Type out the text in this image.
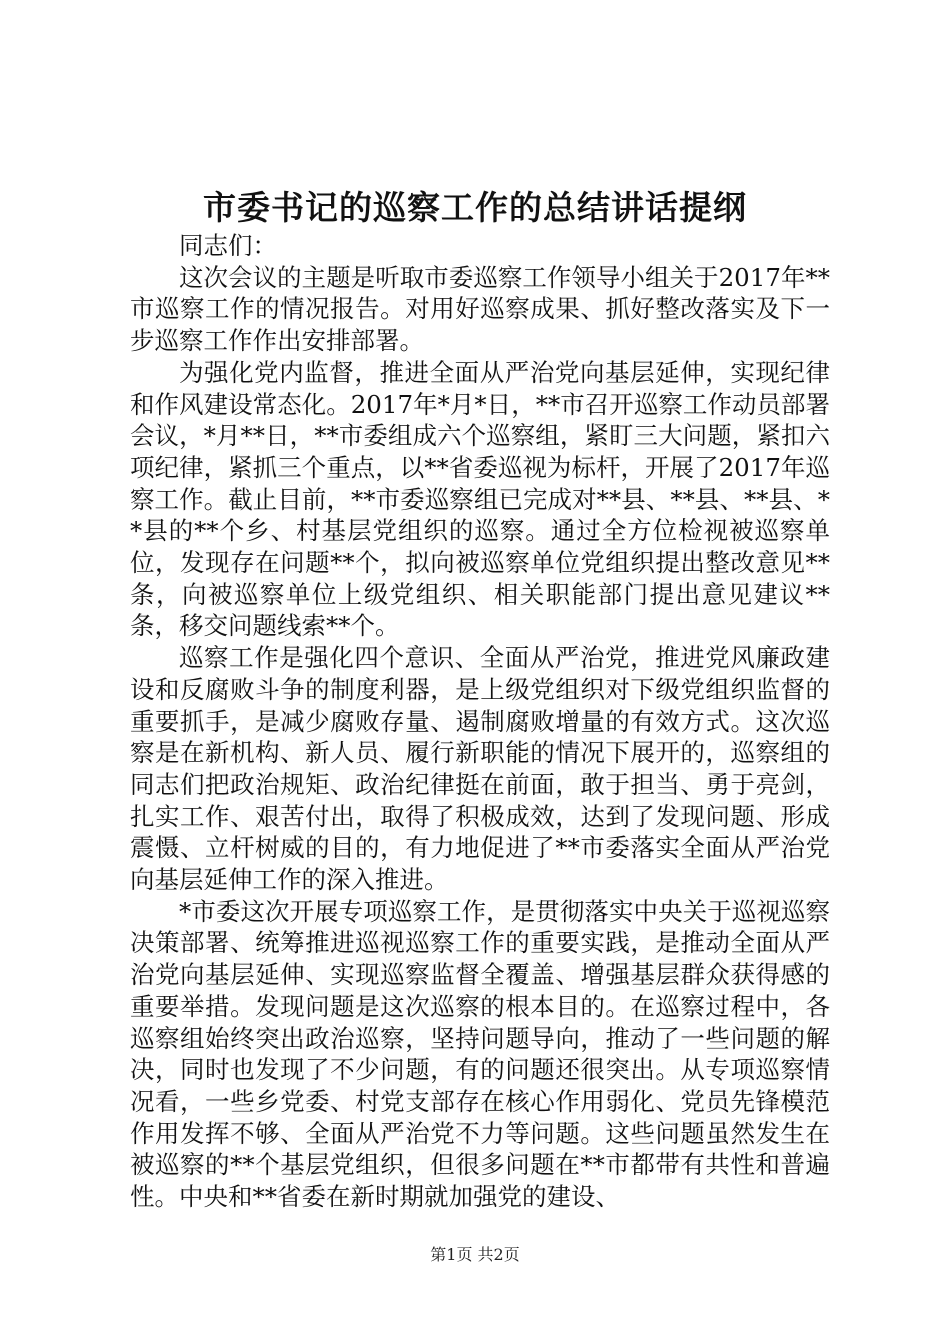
市委书记的巡察工作的总结讲话提纲

同志们：

这次会议的主题是听取市委巡察工作领导小组关于2017年**市巡察工作的情况报告。对用好巡察成果、抓好整改落实及下一步巡察工作作出安排部署。

为强化党内监督，推进全面从严治党向基层延伸，实现纪律和作风建设常态化。2017年*月*日，**市召开巡察工作动员部署会议，*月**日，**市委组成六个巡察组，紧盯三大问题，紧扣六项纪律，紧抓三个重点，以**省委巡视为标杆，开展了2017年巡察工作。截止目前，**市委巡察组已完成对**县、**县、**县、**县的**个乡、村基层党组织的巡察。通过全方位检视被巡察单位，发现存在问题**个，拟向被巡察单位党组织提出整改意见**条，向被巡察单位上级党组织、相关职能部门提出意见建议**条，移交问题线索**个。

巡察工作是强化四个意识、全面从严治党，推进党风廉政建设和反腐败斗争的制度利器，是上级党组织对下级党组织监督的重要抓手，是减少腐败存量、遏制腐败增量的有效方式。这次巡察是在新机构、新人员、履行新职能的情况下展开的，巡察组的同志们把政治规矩、政治纪律挺在前面，敢于担当、勇于亮剑，扎实工作、艰苦付出，取得了积极成效，达到了发现问题、形成震慑、立杆树威的目的，有力地促进了**市委落实全面从严治党向基层延伸工作的深入推进。

*市委这次开展专项巡察工作，是贯彻落实中央关于巡视巡察决策部署、统筹推进巡视巡察工作的重要实践，是推动全面从严治党向基层延伸、实现巡察监督全覆盖、增强基层群众获得感的重要举措。发现问题是这次巡察的根本目的。在巡察过程中，各巡察组始终突出政治巡察，坚持问题导向，推动了一些问题的解决，同时也发现了不少问题，有的问题还很突出。从专项巡察情况看，一些乡党委、村党支部存在核心作用弱化、党员先锋模范作用发挥不够、全面从严治党不力等问题。这些问题虽然发生在被巡察的**个基层党组织，但很多问题在**市都带有共性和普遍性。中央和**省委在新时期就加强党的建设、

第1页 共2页
